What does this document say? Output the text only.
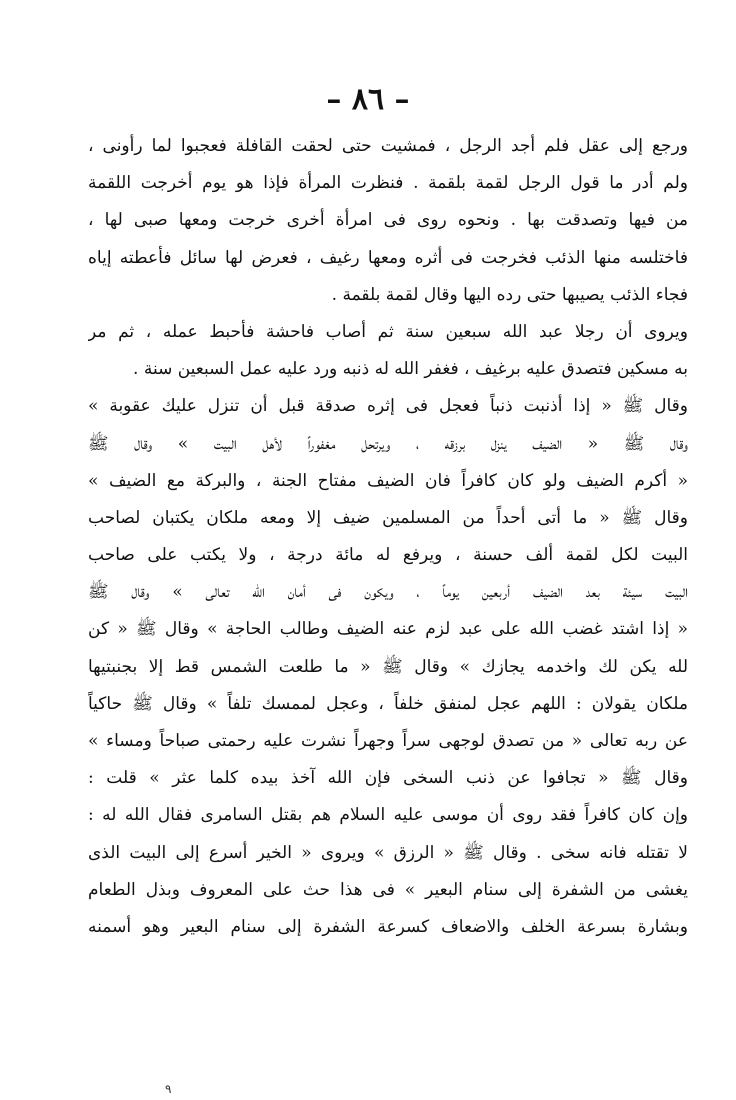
– ٨٦ –
ورجع إلى عقل فلم أجد الرجل ، فمشيت حتى لحقت القافلة فعجبوا لما رأونى ،
ولم أدر ما قول الرجل لقمة بلقمة . فنظرت المرأة فإذا هو يوم أخرجت اللقمة
من فيها وتصدقت بها . ونحوه روى فى امرأة أخرى خرجت ومعها صبى لها ،
فاختلسه منها الذئب فخرجت فى أثره ومعها رغيف ، فعرض لها سائل فأعطته إياه
فجاء الذئب يصيبها حتى رده اليها وقال لقمة بلقمة .
ويروى أن رجلا عبد الله سبعين سنة ثم أصاب فاحشة فأحبط عمله ، ثم مر
به مسكين فتصدق عليه برغيف ، فغفر الله له ذنبه ورد عليه عمل السبعين سنة .
وقال ﷺ « إذا أذنبت ذنباً فعجل فى إثره صدقة قبل أن تنزل عليك عقوبة »
وقال ﷺ « الضيف ينزل برزقه ، ويرتحل مغفوراً لأهل البيت » وقال ﷺ
« أكرم الضيف ولو كان كافراً فان الضيف مفتاح الجنة ، والبركة مع الضيف »
وقال ﷺ « ما أتى أحداً من المسلمين ضيف إلا ومعه ملكان يكتبان لصاحب
البيت لكل لقمة ألف حسنة ، ويرفع له مائة درجة ، ولا يكتب على صاحب
البيت سيئة بعد الضيف أربعين يوماً ، ويكون فى أمان الله تعالى » وقال ﷺ
« إذا اشتد غضب الله على عبد لزم عنه الضيف وطالب الحاجة » وقال ﷺ « كن
لله يكن لك واخدمه يجازك » وقال ﷺ « ما طلعت الشمس قط إلا بجنبتيها
ملكان يقولان : اللهم عجل لمنفق خلفاً ، وعجل لممسك تلفاً » وقال ﷺ حاكياً
عن ربه تعالى « من تصدق لوجهى سراً وجهراً نشرت عليه رحمتى صباحاً ومساء »
وقال ﷺ « تجافوا عن ذنب السخى فإن الله آخذ بيده كلما عثر » قلت :
وإن كان كافراً فقد روى أن موسى عليه السلام هم بقتل السامرى فقال الله له :
لا تقتله فانه سخى . وقال ﷺ « الرزق » ويروى « الخير أسرع إلى البيت الذى
يغشى من الشفرة إلى سنام البعير » فى هذا حث على المعروف وبذل الطعام
وبشارة بسرعة الخلف والاضعاف كسرعة الشفرة إلى سنام البعير وهو أسمنه
٩
